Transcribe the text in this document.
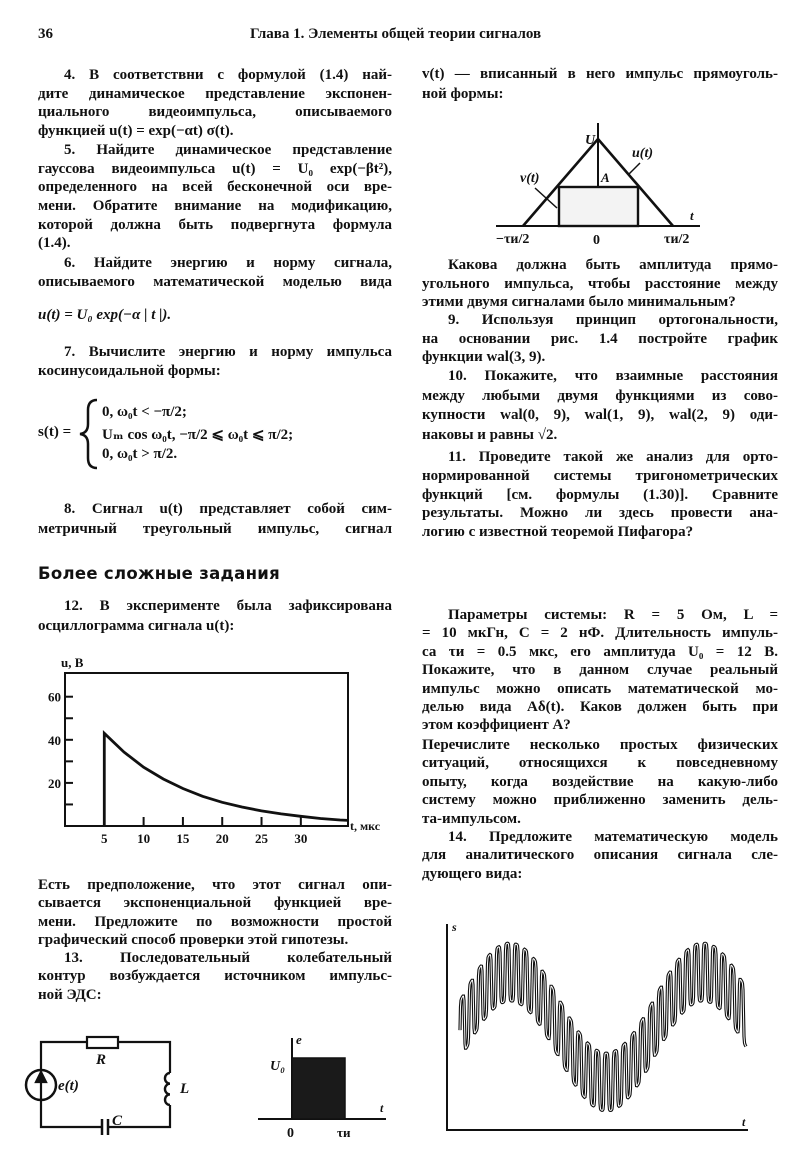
36	Глава 1. Элементы общей теории сигналов
4. В соответствни с формулой (1.4) най-
дите динамическое представление экспонен-
циального видеоимпульса, описываемого
функцией u(t) = exp(−αt) σ(t).
5. Найдите динамическое представление
гауссова видеоимпульса u(t) = U₀ exp(−βt²),
определенного на всей бесконечной оси вре-
мени. Обратите внимание на модификацию,
которой должна быть подвергнута формула
(1.4).
6. Найдите энергию и норму сигнала,
описываемого математической моделью вида
u(t) = U₀ exp(−α | t |).
7. Вычислите энергию и норму импульса
косинусоидальной формы:
s(t) =
0, ω₀t < −π/2;
Uₘ cos ω₀t, −π/2 ⩽ ω₀t ⩽ π/2;
0, ω₀t > π/2.
8. Сигнал u(t) представляет собой сим-
метричный треугольный импульс, сигнал
Более сложные задания
12. В эксперименте была зафиксирована
осциллограмма сигнала u(t):
Есть предположение, что этот сигнал опи-
сывается экспоненциальной функцией вре-
мени. Предложите по возможности простой
графический способ проверки этой гипотезы.
13. Последовательный колебательный
контур возбуждается источником импульс-
ной ЭДС:
v(t) — вписанный в него импульс прямоуголь-
ной формы:
Какова должна быть амплитуда прямо-
угольного импульса, чтобы расстояние между
этими двумя сигналами было минимальным?
9. Используя принцип ортогональности,
на основании рис. 1.4 постройте график
функции wal(3, 9).
10. Покажите, что взаимные расстояния
между любыми двумя функциями из сово-
купности wal(0, 9), wal(1, 9), wal(2, 9) оди-
наковы и равны √2.
11. Проведите такой же анализ для орто-
нормированной системы тригонометрических
функций [см. формулы (1.30)]. Сравните
результаты. Можно ли здесь провести ана-
логию с известной теоремой Пифагора?
Параметры системы: R = 5 Ом, L =
= 10 мкГн, C = 2 нФ. Длительность импуль-
са τи = 0.5 мкс, его амплитуда U₀ = 12 В.
Покажите, что в данном случае реальный
импульс можно описать математической мо-
делью вида Aδ(t). Каков должен быть при
этом коэффициент A?
Перечислите несколько простых физических
ситуаций, относящихся к повседневному
опыту, когда воздействие на какую-либо
систему можно приближенно заменить дель-
та-импульсом.
14. Предложите математическую модель
для аналитического описания сигнала сле-
дующего вида:
U
u(t)
v(t)	A
t
−τи/2	0	τи/2
u, В
t, мкс
20
40
60
5 10 15 20 25 30
R
L
C
e(t)
e
U₀
t
0	τи
s
t
